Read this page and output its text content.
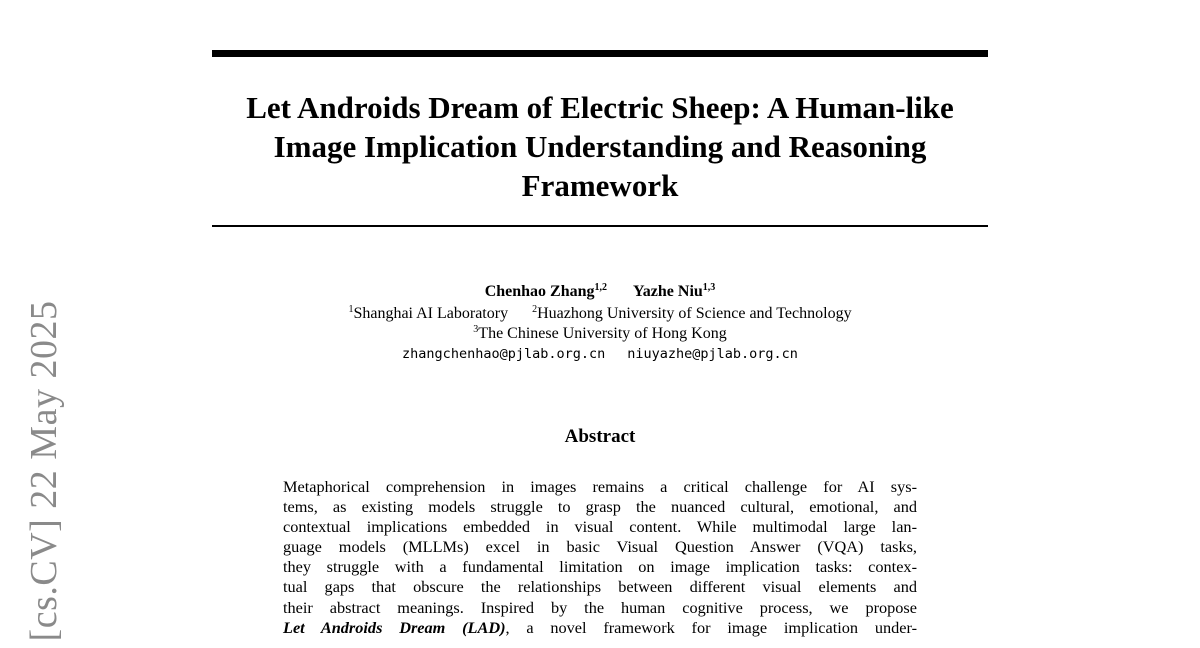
[cs.CV] 22 May 2025
Let Androids Dream of Electric Sheep: A Human-like Image Implication Understanding and Reasoning Framework
Chenhao Zhang$^{1,2}$ Yazhe Niu$^{1,3}$
$^1$Shanghai AI Laboratory $^2$Huazhong University of Science and Technology
$^3$The Chinese University of Hong Kong
zhangchenhao@pjlab.org.cn niuyazhe@pjlab.org.cn
Abstract
Metaphorical comprehension in images remains a critical challenge for AI sys-
tems, as existing models struggle to grasp the nuanced cultural, emotional, and
contextual implications embedded in visual content. While multimodal large lan-
guage models (MLLMs) excel in basic Visual Question Answer (VQA) tasks,
they struggle with a fundamental limitation on image implication tasks: contex-
tual gaps that obscure the relationships between different visual elements and
their abstract meanings. Inspired by the human cognitive process, we propose
Let Androids Dream (LAD), a novel framework for image implication under-
